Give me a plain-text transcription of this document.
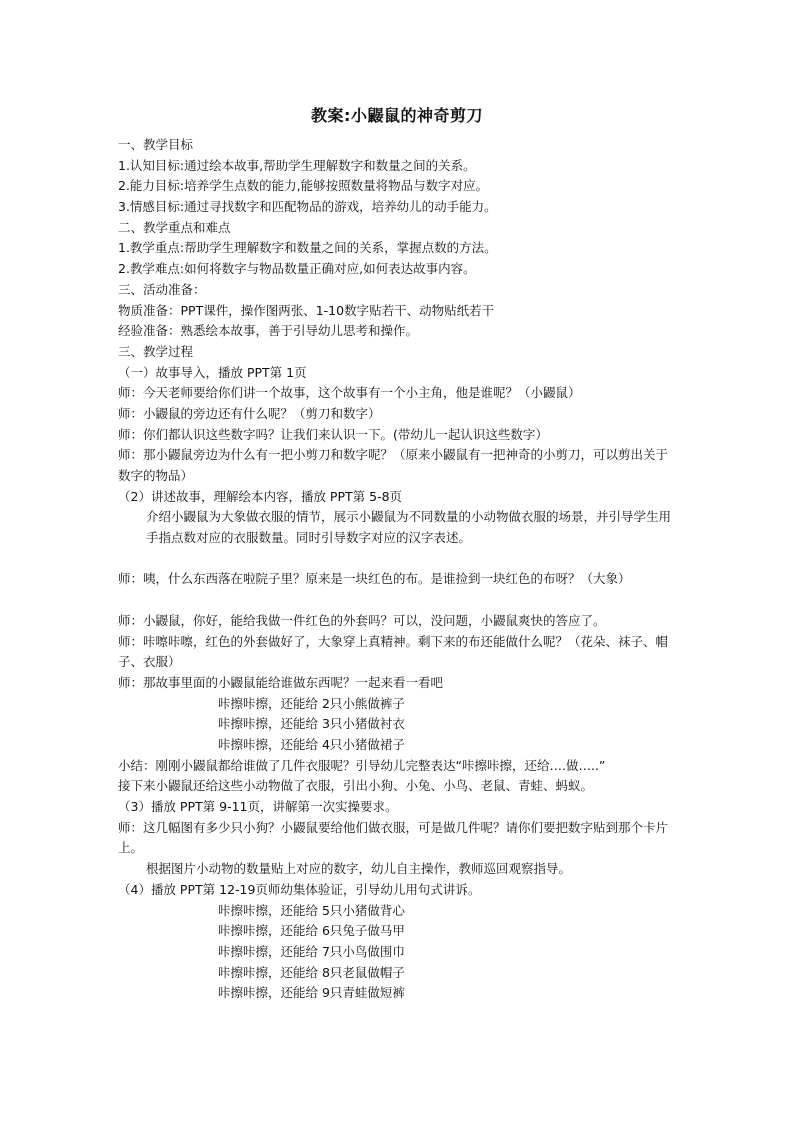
教案:小鼹鼠的神奇剪刀
一、教学目标
1.认知目标:通过绘本故事,帮助学生理解数字和数量之间的关系。
2.能力目标:培养学生点数的能力,能够按照数量将物品与数字对应。
3.情感目标:通过寻找数字和匹配物品的游戏，培养幼儿的动手能力。
二、教学重点和难点
1.教学重点:帮助学生理解数字和数量之间的关系，掌握点数的方法。
2.教学难点:如何将数字与物品数量正确对应,如何表达故事内容。
三、活动准备：
物质准备：PPT课件，操作图两张、1-10数字贴若干、动物贴纸若干
经验准备：熟悉绘本故事，善于引导幼儿思考和操作。
三、教学过程
（一）故事导入，播放 PPT第 1页
师：今天老师要给你们讲一个故事，这个故事有一个小主角，他是谁呢？（小鼹鼠）
师：小鼹鼠的旁边还有什么呢？（剪刀和数字）
师：你们都认识这些数字吗？让我们来认识一下。(带幼儿一起认识这些数字）
师：那小鼹鼠旁边为什么有一把小剪刀和数字呢？（原来小鼹鼠有一把神奇的小剪刀，可以剪出关于数字的物品）
（2）讲述故事，理解绘本内容，播放 PPT第 5-8页
介绍小鼹鼠为大象做衣服的情节，展示小鼹鼠为不同数量的小动物做衣服的场景，并引导学生用手指点数对应的衣服数量。同时引导数字对应的汉字表述。
师：咦，什么东西落在啦院子里？原来是一块红色的布。是谁捡到一块红色的布呀？（大象）
师：小鼹鼠，你好，能给我做一件红色的外套吗？可以，没问题，小鼹鼠爽快的答应了。
师：咔嚓咔嚓，红色的外套做好了，大象穿上真精神。剩下来的布还能做什么呢？（花朵、袜子、帽子、衣服）
师：那故事里面的小鼹鼠能给谁做东西呢？一起来看一看吧
咔擦咔擦，还能给 2只小熊做裤子
咔擦咔擦，还能给 3只小猪做衬衣
咔擦咔擦，还能给 4只小猪做裙子
小结：刚刚小鼹鼠都给谁做了几件衣服呢？引导幼儿完整表达“咔擦咔擦，还给….做…..”
接下来小鼹鼠还给这些小动物做了衣服，引出小狗、小兔、小鸟、老鼠、青蛙、蚂蚁。
（3）播放 PPT第 9-11页，讲解第一次实操要求。
师：这几幅图有多少只小狗？小鼹鼠要给他们做衣服，可是做几件呢？请你们要把数字贴到那个卡片上。
根据图片小动物的数量贴上对应的数字，幼儿自主操作，教师巡回观察指导。
（4）播放 PPT第 12-19页师幼集体验证，引导幼儿用句式讲诉。
咔擦咔擦，还能给 5只小猪做背心
咔擦咔擦，还能给 6只兔子做马甲
咔擦咔擦，还能给 7只小鸟做围巾
咔擦咔擦，还能给 8只老鼠做帽子
咔擦咔擦，还能给 9只青蛙做短裤
